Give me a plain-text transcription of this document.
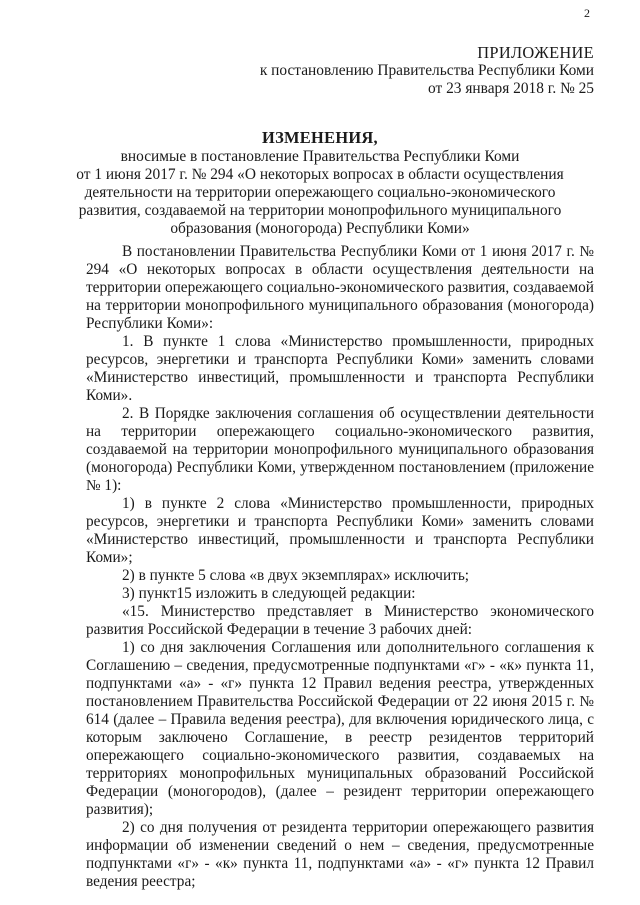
2
ПРИЛОЖЕНИЕ
к постановлению Правительства Республики Коми
от 23 января 2018 г. № 25
ИЗМЕНЕНИЯ,
вносимые в постановление Правительства Республики Коми
от 1 июня 2017 г. № 294 «О некоторых вопросах в области осуществления
деятельности на территории опережающего социально-экономического
развития, создаваемой на территории монопрофильного муниципального
образования (моногорода) Республики Коми»

В постановлении Правительства Республики Коми от 1 июня 2017 г. № 294 «О некоторых вопросах в области осуществления деятельности на территории опережающего социально-экономического развития, создаваемой на территории монопрофильного муниципального образования (моногорода) Республики Коми»:

1. В пункте 1 слова «Министерство промышленности, природных ресурсов, энергетики и транспорта Республики Коми» заменить словами «Министерство инвестиций, промышленности и транспорта Республики Коми».

2. В Порядке заключения соглашения об осуществлении деятельности на территории опережающего социально-экономического развития, создаваемой на территории монопрофильного муниципального образования (моногорода) Республики Коми, утвержденном постановлением (приложение № 1):

1) в пункте 2 слова «Министерство промышленности, природных ресурсов, энергетики и транспорта Республики Коми» заменить словами «Министерство инвестиций, промышленности и транспорта Республики Коми»;

2) в пункте 5 слова «в двух экземплярах» исключить;

3) пункт15 изложить в следующей редакции:

«15. Министерство представляет в Министерство экономического развития Российской Федерации в течение 3 рабочих дней:

1) со дня заключения Соглашения или дополнительного соглашения к Соглашению – сведения, предусмотренные подпунктами «г» - «к» пункта 11, подпунктами «а» - «г» пункта 12 Правил ведения реестра, утвержденных постановлением Правительства Российской Федерации от 22 июня 2015 г. № 614 (далее – Правила ведения реестра), для включения юридического лица, с которым заключено Соглашение, в реестр резидентов территорий опережающего социально-экономического развития, создаваемых на территориях монопрофильных муниципальных образований Российской Федерации (моногородов), (далее – резидент территории опережающего развития);

2) со дня получения от резидента территории опережающего развития информации об изменении сведений о нем – сведения, предусмотренные подпунктами «г» - «к» пункта 11, подпунктами «а» - «г» пункта 12 Правил ведения реестра;
